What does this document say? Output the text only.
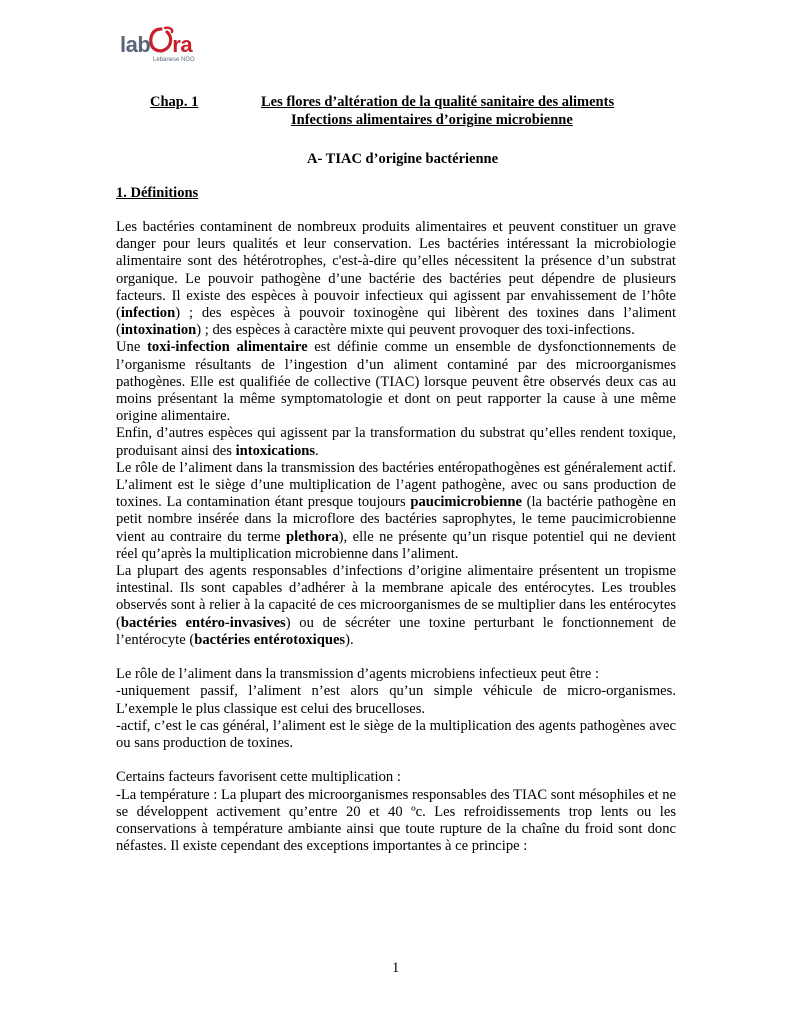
lab ra
Lebanese NGO
Chap. 1	Les flores d’altération de la qualité sanitaire des aliments
Infections alimentaires d’origine microbienne
A- TIAC d’origine bactérienne
1. Définitions

Les bactéries contaminent de nombreux produits alimentaires et peuvent constituer un grave danger pour leurs qualités et leur conservation. Les bactéries intéressant la microbiologie alimentaire sont des hétérotrophes, c'est-à-dire qu’elles nécessitent la présence d’un substrat organique. Le pouvoir pathogène d’une bactérie des bactéries peut dépendre de plusieurs facteurs. Il existe des espèces à pouvoir infectieux qui agissent par envahissement de l’hôte (infection) ; des espèces à pouvoir toxinogène qui libèrent des toxines dans l’aliment (intoxination) ; des espèces à caractère mixte qui peuvent provoquer des toxi-infections.

Une toxi-infection alimentaire est définie comme un ensemble de dysfonctionnements de l’organisme résultants de l’ingestion d’un aliment contaminé par des microorganismes pathogènes. Elle est qualifiée de collective (TIAC) lorsque peuvent être observés deux cas au moins présentant la même symptomatologie et dont on peut rapporter la cause à une même origine alimentaire.

Enfin, d’autres espèces qui agissent par la transformation du substrat qu’elles rendent toxique, produisant ainsi des intoxications.

Le rôle de l’aliment dans la transmission des bactéries entéropathogènes est généralement actif. L’aliment est le siège d’une multiplication de l’agent pathogène, avec ou sans production de toxines. La contamination étant presque toujours paucimicrobienne (la bactérie pathogène en petit nombre insérée dans la microflore des bactéries saprophytes, le teme paucimicrobienne vient au contraire du terme plethora), elle ne présente qu’un risque potentiel qui ne devient réel qu’après la multiplication microbienne dans l’aliment.

La plupart des agents responsables d’infections d’origine alimentaire présentent un tropisme intestinal. Ils sont capables d’adhérer à la membrane apicale des entérocytes. Les troubles observés sont à relier à la capacité de ces microorganismes de se multiplier dans les entérocytes (bactéries entéro-invasives) ou de sécréter une toxine perturbant le fonctionnement de l’entérocyte (bactéries entérotoxiques).

Le rôle de l’aliment dans la transmission d’agents microbiens infectieux peut être :

-uniquement passif, l’aliment n’est alors qu’un simple véhicule de micro-organismes. L’exemple le plus classique est celui des brucelloses.

-actif, c’est le cas général, l’aliment est le siège de la multiplication des agents pathogènes avec ou sans production de toxines.

Certains facteurs favorisent cette multiplication :

-La température : La plupart des microorganismes responsables des TIAC sont mésophiles et ne se développent activement qu’entre 20 et 40 ºc. Les refroidissements trop lents ou les conservations à température ambiante ainsi que toute rupture de la chaîne du froid sont donc néfastes. Il existe cependant des exceptions importantes à ce principe :

1
